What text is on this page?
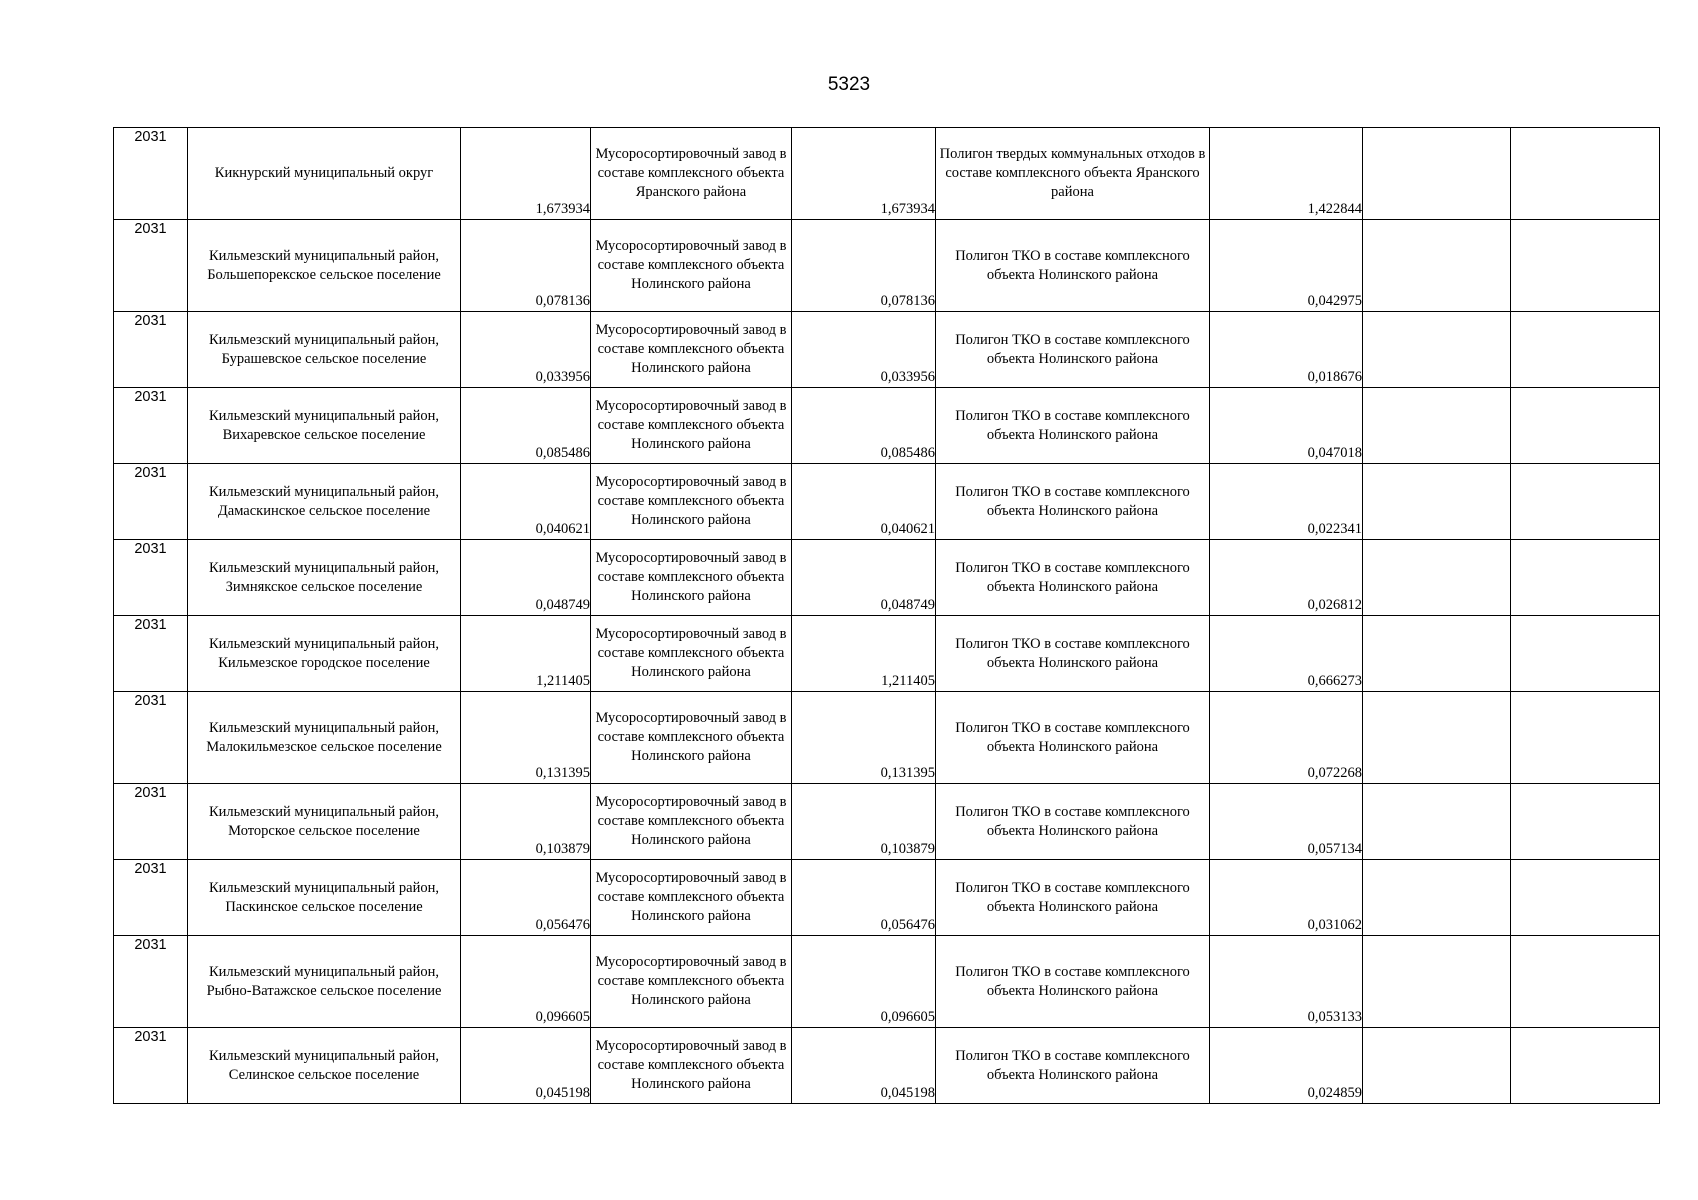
5323
2031	Кикнурский муниципальный округ	1,673934	Мусоросортировочный завод в составе комплексного объекта Яранского района	1,673934	Полигон твердых коммунальных отходов в составе комплексного объекта Яранского района	1,422844		
2031	Кильмезский муниципальный район, Большепорекское сельское поселение	0,078136	Мусоросортировочный завод в составе комплексного объекта Нолинского района	0,078136	Полигон ТКО в составе комплексного объекта Нолинского района	0,042975		
2031	Кильмезский муниципальный район, Бурашевское сельское поселение	0,033956	Мусоросортировочный завод в составе комплексного объекта Нолинского района	0,033956	Полигон ТКО в составе комплексного объекта Нолинского района	0,018676		
2031	Кильмезский муниципальный район, Вихаревское сельское поселение	0,085486	Мусоросортировочный завод в составе комплексного объекта Нолинского района	0,085486	Полигон ТКО в составе комплексного объекта Нолинского района	0,047018		
2031	Кильмезский муниципальный район, Дамаскинское сельское поселение	0,040621	Мусоросортировочный завод в составе комплексного объекта Нолинского района	0,040621	Полигон ТКО в составе комплексного объекта Нолинского района	0,022341		
2031	Кильмезский муниципальный район, Зимнякское сельское поселение	0,048749	Мусоросортировочный завод в составе комплексного объекта Нолинского района	0,048749	Полигон ТКО в составе комплексного объекта Нолинского района	0,026812		
2031	Кильмезский муниципальный район, Кильмезское городское поселение	1,211405	Мусоросортировочный завод в составе комплексного объекта Нолинского района	1,211405	Полигон ТКО в составе комплексного объекта Нолинского района	0,666273		
2031	Кильмезский муниципальный район, Малокильмезское сельское поселение	0,131395	Мусоросортировочный завод в составе комплексного объекта Нолинского района	0,131395	Полигон ТКО в составе комплексного объекта Нолинского района	0,072268		
2031	Кильмезский муниципальный район, Моторское сельское поселение	0,103879	Мусоросортировочный завод в составе комплексного объекта Нолинского района	0,103879	Полигон ТКО в составе комплексного объекта Нолинского района	0,057134		
2031	Кильмезский муниципальный район, Паскинское сельское поселение	0,056476	Мусоросортировочный завод в составе комплексного объекта Нолинского района	0,056476	Полигон ТКО в составе комплексного объекта Нолинского района	0,031062		
2031	Кильмезский муниципальный район, Рыбно-Ватажское сельское поселение	0,096605	Мусоросортировочный завод в составе комплексного объекта Нолинского района	0,096605	Полигон ТКО в составе комплексного объекта Нолинского района	0,053133		
2031	Кильмезский муниципальный район, Селинское сельское поселение	0,045198	Мусоросортировочный завод в составе комплексного объекта Нолинского района	0,045198	Полигон ТКО в составе комплексного объекта Нолинского района	0,024859		
